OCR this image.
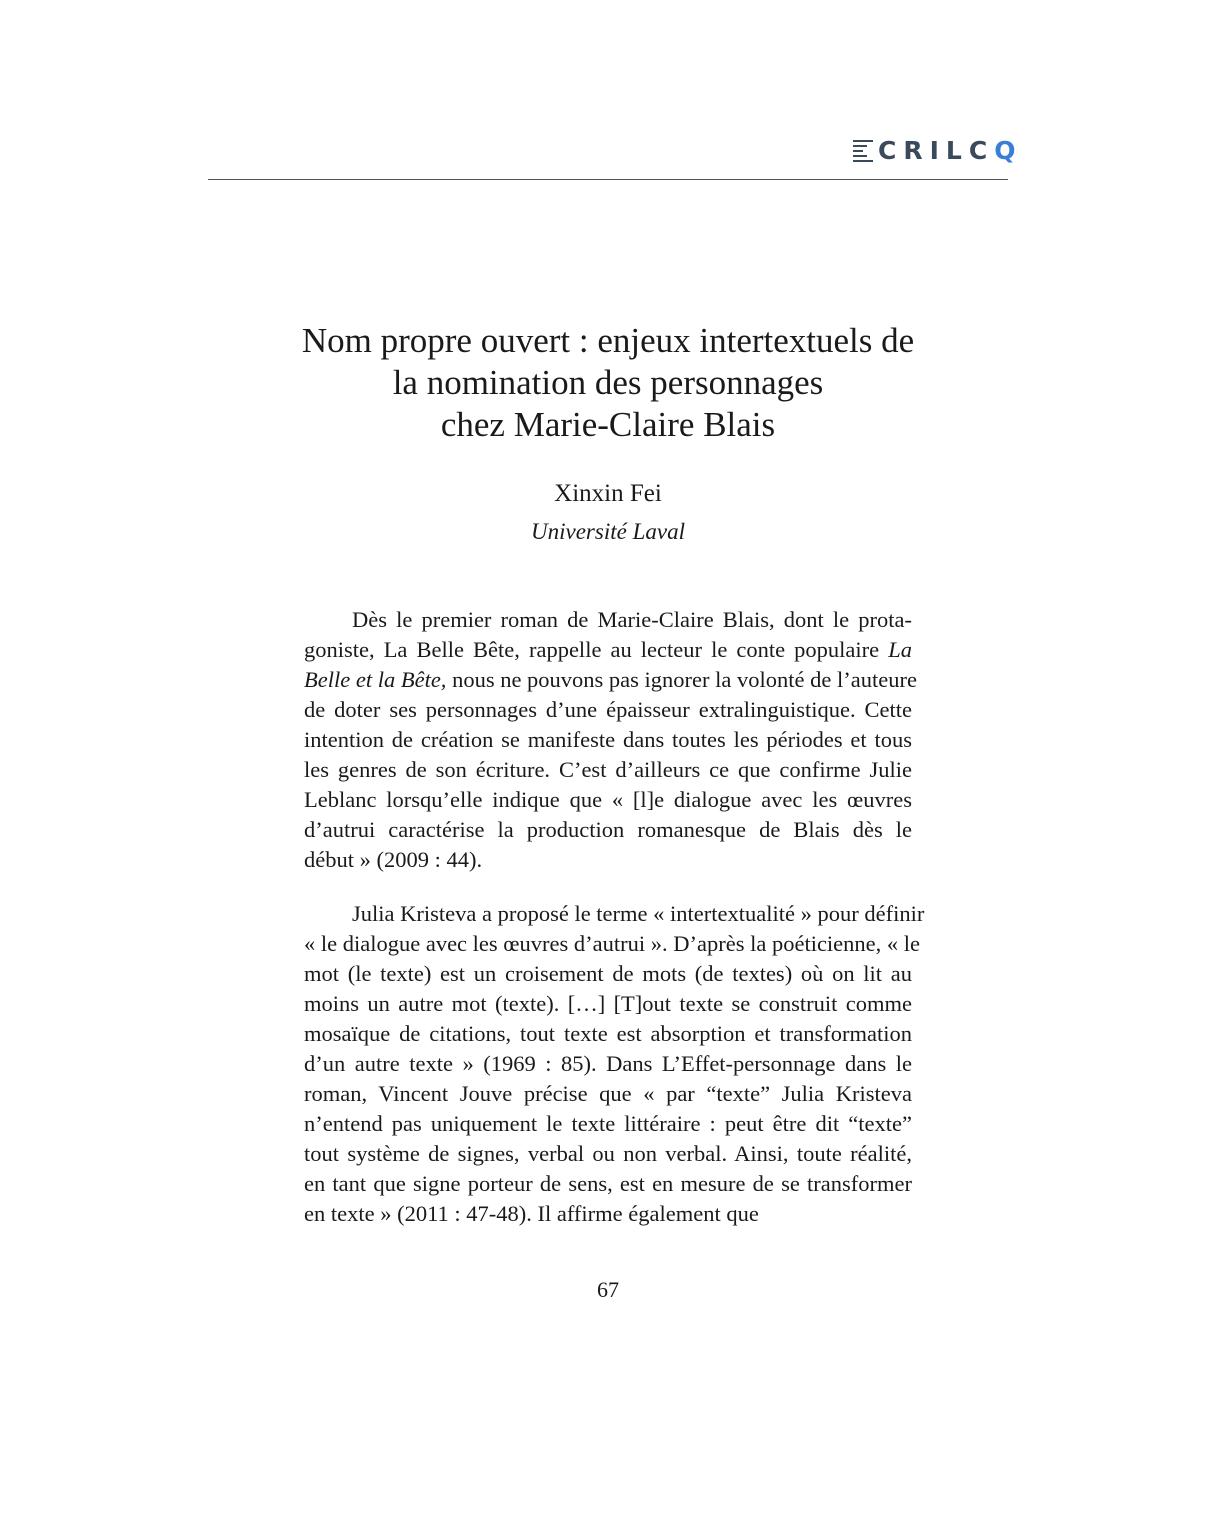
CRILCQ
Nom propre ouvert : enjeux intertextuels de
la nomination des personnages
chez Marie-Claire Blais
Xinxin Fei
Université Laval
Dès le premier roman de Marie-Claire Blais, dont le prota-
goniste, La Belle Bête, rappelle au lecteur le conte populaire La
Belle et la Bête, nous ne pouvons pas ignorer la volonté de l’auteure
de doter ses personnages d’une épaisseur extralinguistique. Cette
intention de création se manifeste dans toutes les périodes et tous
les genres de son écriture. C’est d’ailleurs ce que confirme Julie
Leblanc lorsqu’elle indique que « [l]e dialogue avec les œuvres
d’autrui caractérise la production romanesque de Blais dès le
début » (2009 : 44).
Julia Kristeva a proposé le terme « intertextualité » pour définir
« le dialogue avec les œuvres d’autrui ». D’après la poéticienne, « le
mot (le texte) est un croisement de mots (de textes) où on lit au
moins un autre mot (texte). […] [T]out texte se construit comme
mosaïque de citations, tout texte est absorption et transformation
d’un autre texte » (1969 : 85). Dans L’Effet-personnage dans le
roman, Vincent Jouve précise que « par “texte” Julia Kristeva
n’entend pas uniquement le texte littéraire : peut être dit “texte”
tout système de signes, verbal ou non verbal. Ainsi, toute réalité,
en tant que signe porteur de sens, est en mesure de se transformer
en texte » (2011 : 47-48). Il affirme également que
67
